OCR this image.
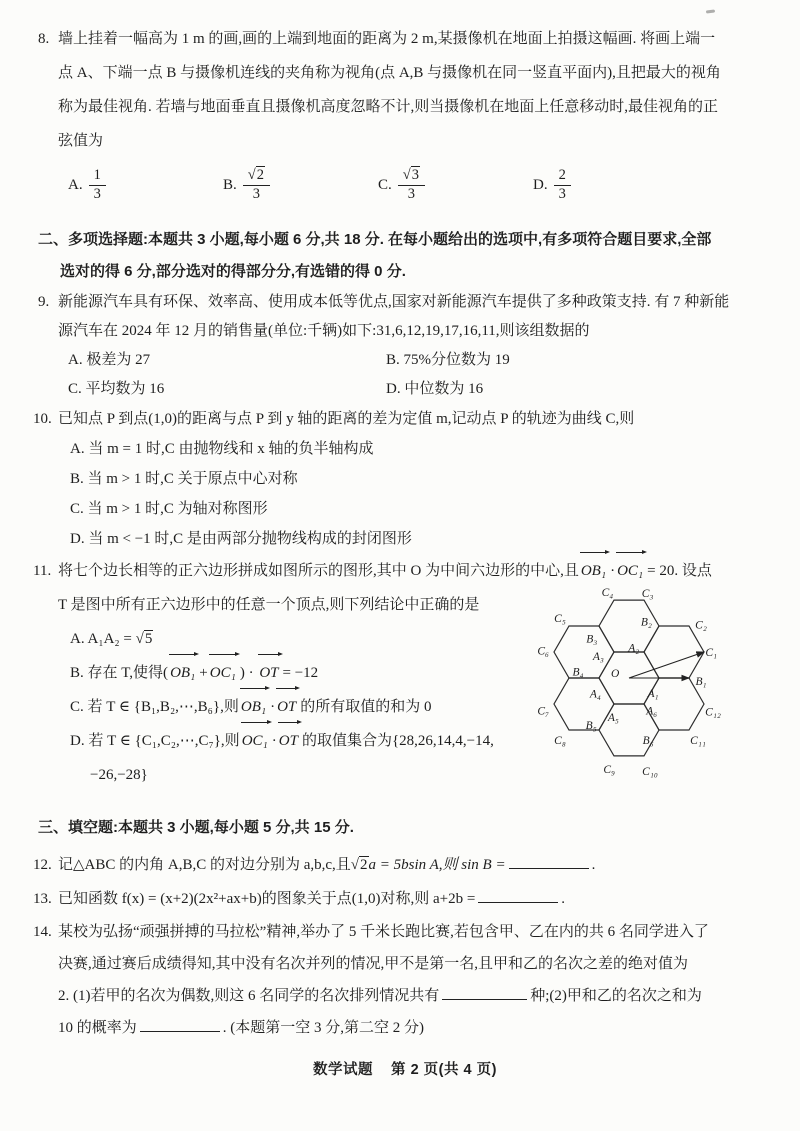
8. 墙上挂着一幅高为 1 m 的画,画的上端到地面的距离为 2 m,某摄像机在地面上拍摄这幅画. 将画上端一
点 A、下端一点 B 与摄像机连线的夹角称为视角(点 A,B 与摄像机在同一竖直平面内),且把最大的视角
称为最佳视角. 若墙与地面垂直且摄像机高度忽略不计,则当摄像机在地面上任意移动时,最佳视角的正
弦值为
A. $\frac{1}{3}$	B. $\frac{√2}{3}$	C. $\frac{√3}{3}$	D. $\frac{2}{3}$
二、多项选择题:本题共 3 小题,每小题 6 分,共 18 分. 在每小题给出的选项中,有多项符合题目要求,全部
选对的得 6 分,部分选对的得部分分,有选错的得 0 分.
9. 新能源汽车具有环保、效率高、使用成本低等优点,国家对新能源汽车提供了多种政策支持. 有 7 种新能
源汽车在 2024 年 12 月的销售量(单位:千辆)如下:31,6,12,19,17,16,11,则该组数据的
A. 极差为 27	B. 75%分位数为 19
C. 平均数为 16	D. 中位数为 16
10. 已知点 P 到点(1,0)的距离与点 P 到 y 轴的距离的差为定值 m,记动点 P 的轨迹为曲线 C,则
A. 当 m = 1 时,C 由抛物线和 x 轴的负半轴构成
B. 当 m > 1 时,C 关于原点中心对称
C. 当 m > 1 时,C 为轴对称图形
D. 当 m < −1 时,C 是由两部分抛物线构成的封闭图形
11. 将七个边长相等的正六边形拼成如图所示的图形,其中 O 为中间六边形的中心,且 OB₁ · OC₁ = 20. 设点
T 是图中所有正六边形中的任意一个顶点,则下列结论中正确的是
A. A₁A₂ = √5
B. 存在 T,使得( OB₁ + OC₁ ) · OT = −12
C. 若 T ∈ {B₁,B₂,⋯,B₆},则 OB₁ · OT 的所有取值的和为 0
D. 若 T ∈ {C₁,C₂,⋯,C₇},则 OC₁ · OT 的取值集合为{28,26,14,4,−14,
−26,−28}
O
A₁
A₂
A₃
A₄
A₅
A₆
B₁
B₂
B₃
B₄
B₅
B₆
C₁
C₂
C₃
C₄
C₅
C₆
C₇
C₈
C₉ C₁₀
C₁₁
C₁₂
三、填空题:本题共 3 小题,每小题 5 分,共 15 分.
12. 记△ABC 的内角 A,B,C 的对边分别为 a,b,c,且√2a = 5bsin A,则 sin B =	.
13. 已知函数 f(x) = (x+2)(2x²+ax+b)的图象关于点(1,0)对称,则 a+2b =	.
14. 某校为弘扬“顽强拼搏的马拉松”精神,举办了 5 千米长跑比赛,若包含甲、乙在内的共 6 名同学进入了
决赛,通过赛后成绩得知,其中没有名次并列的情况,甲不是第一名,且甲和乙的名次之差的绝对值为
2. (1)若甲的名次为偶数,则这 6 名同学的名次排列情况共有	种;(2)甲和乙的名次之和为
10 的概率为	. (本题第一空 3 分,第二空 2 分)
数学试题 第 2 页(共 4 页)
